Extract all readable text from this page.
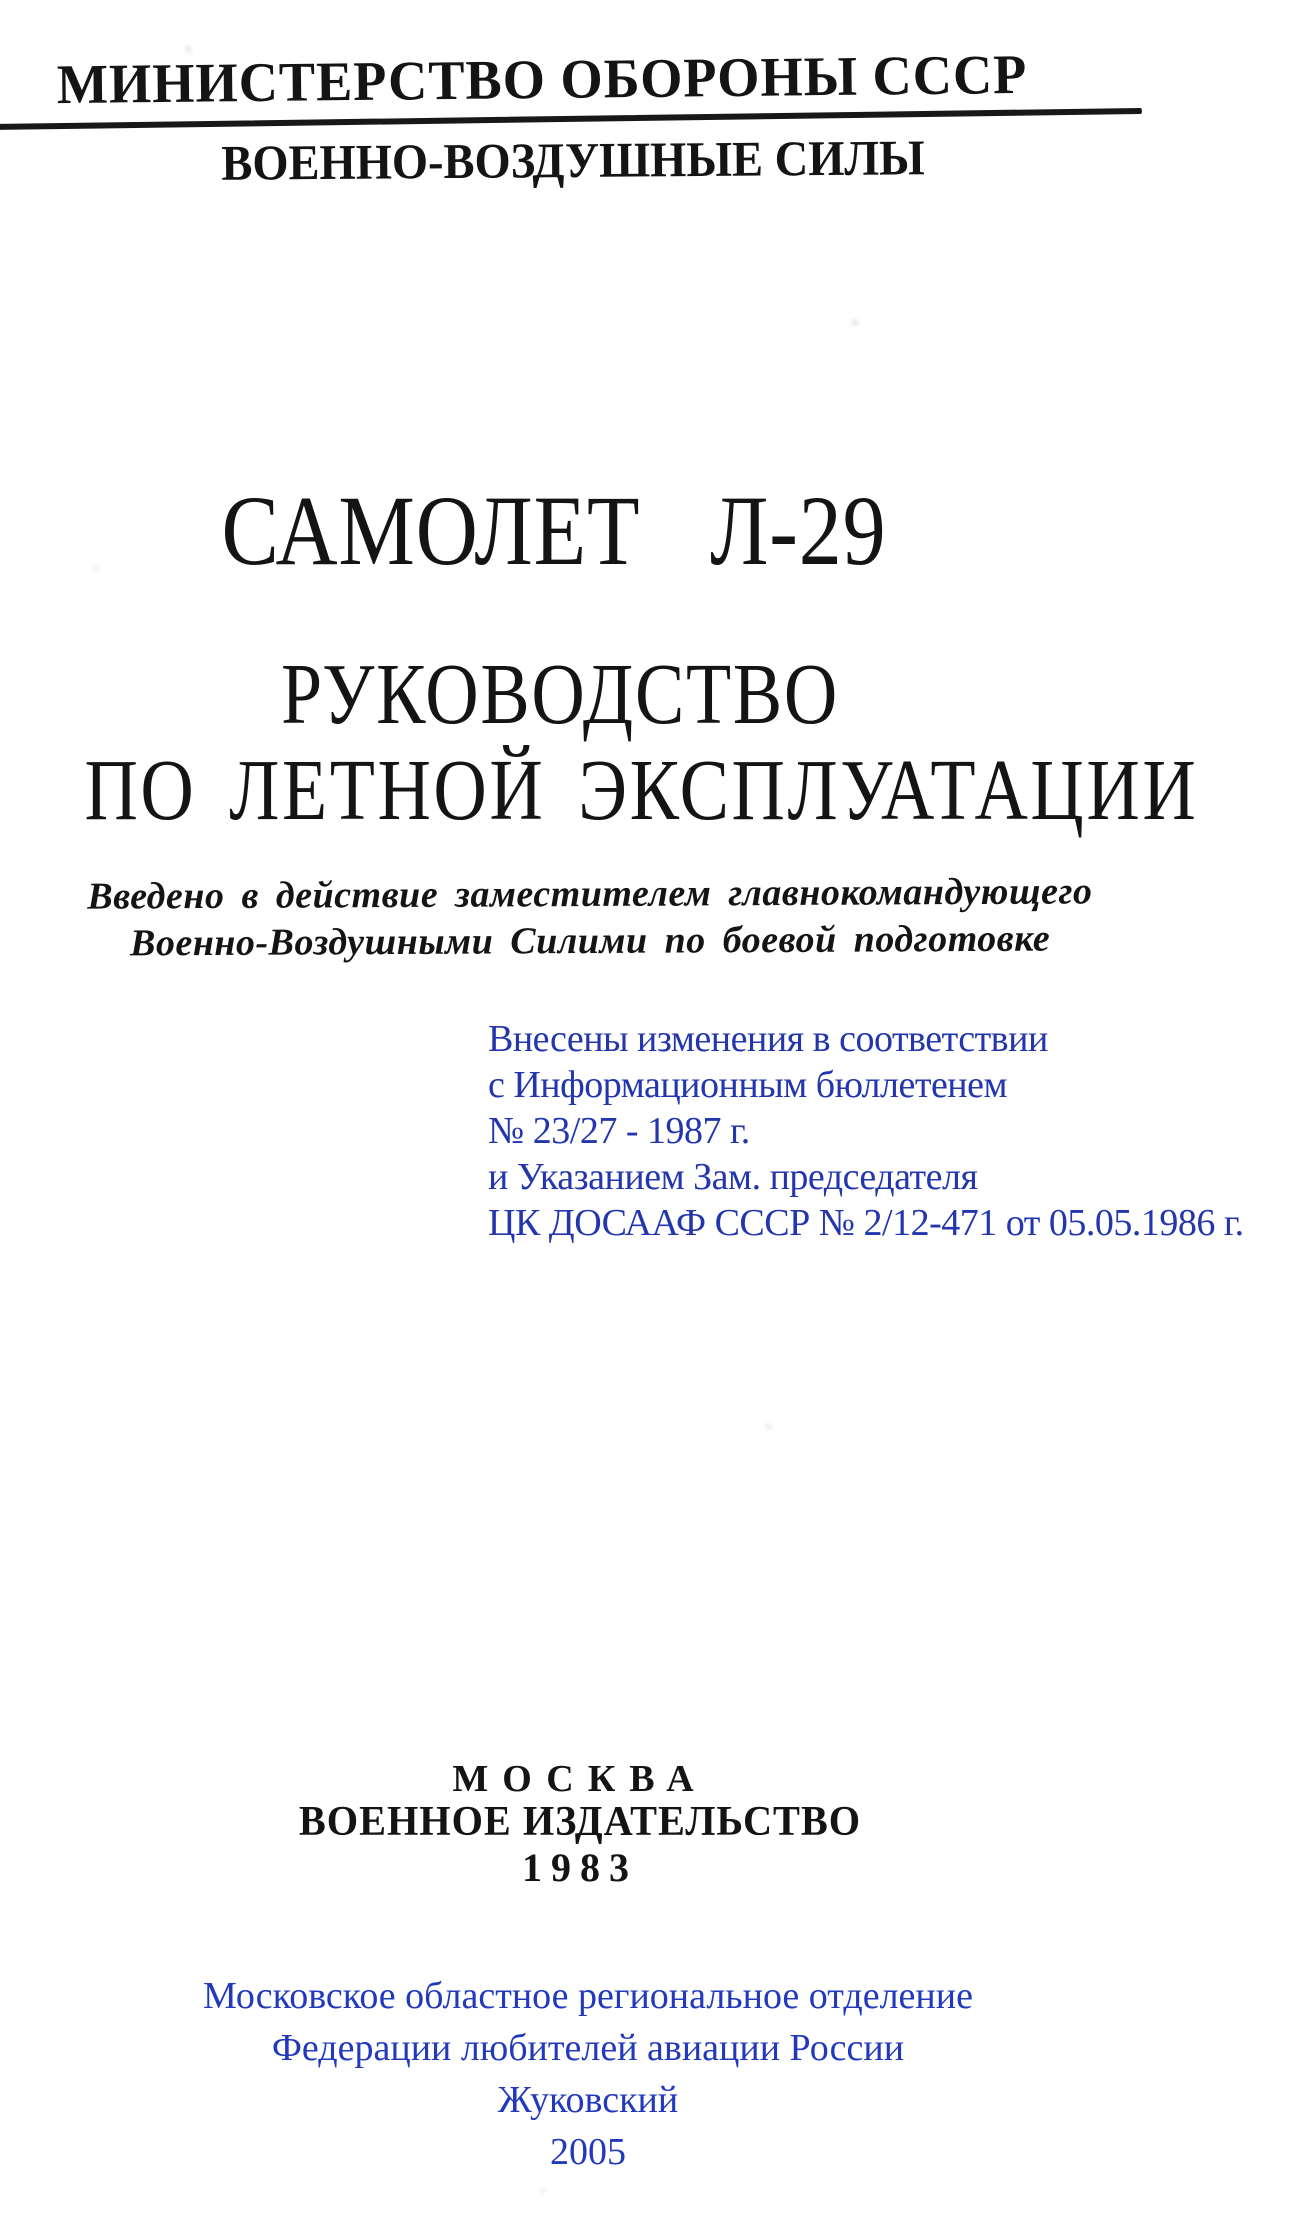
МИНИСТЕРСТВО ОБОРОНЫ СССР
ВОЕННО-ВОЗДУШНЫЕ СИЛЫ
САМОЛЕТ Л-29
РУКОВОДСТВО
ПО ЛЕТНОЙ ЭКСПЛУАТАЦИИ
Введено в действие заместителем главнокомандующего
Военно-Воздушными Силими по боевой подготовке
Внесены изменения в соответствии
с Информационным бюллетенем
№ 23/27 - 1987 г.
и Указанием Зам. председателя
ЦК ДОСААФ СССР № 2/12-471 от 05.05.1986 г.
МОСКВА
ВОЕННОЕ ИЗДАТЕЛЬСТВО
1983
Московское областное региональное отделение
Федерации любителей авиации России
Жуковский
2005
